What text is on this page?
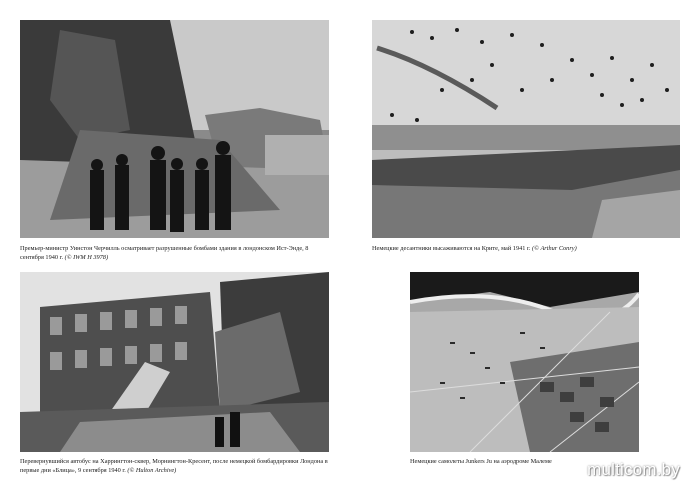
Премьер-министр Уинстон Черчилль осматривает разрушенные бомбами здания в лондонском Ист-Энде, 8 сентября 1940 г. (© IWM H 3978)

Немецкие десантники высаживаются на Крите, май 1941 г. (© Arthur Conry)

Перевернувшийся автобус на Харрингтон-сквер, Морнингтон-Кресент, после немецкой бомбардировки Лондона в первые дни «Блица», 9 сентября 1940 г. (© Hulton Archive)

Немецкие самолеты Junkers Ju на аэродроме Малеме	multicom.by
